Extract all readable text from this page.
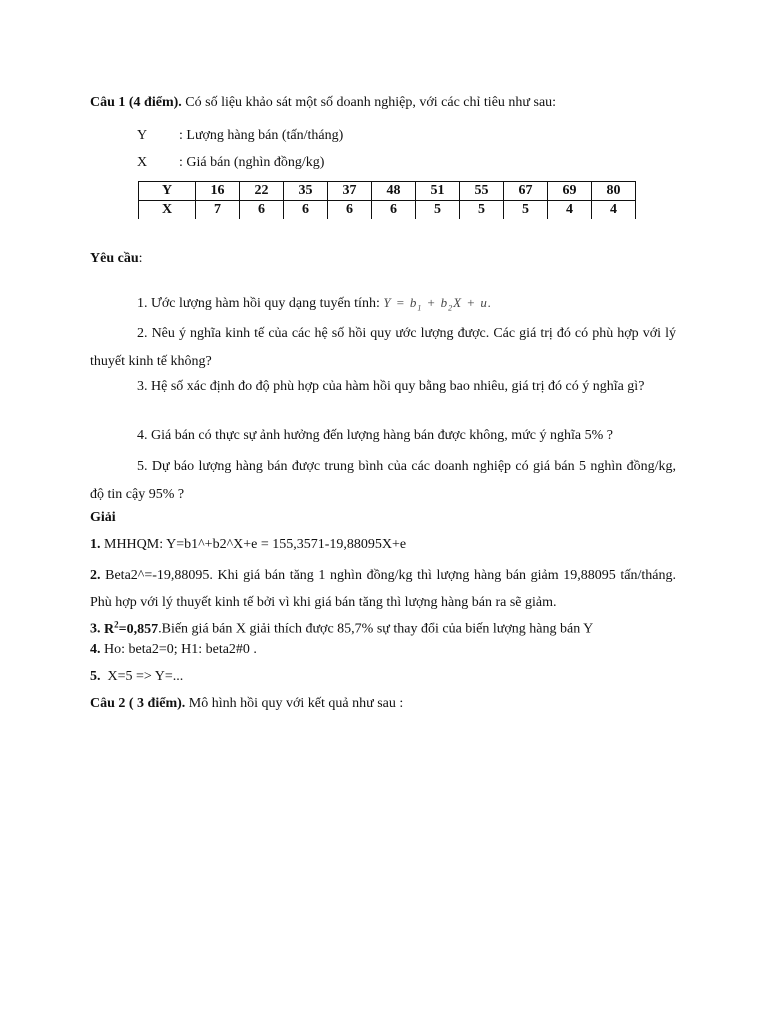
Câu 1 (4 điểm). Có số liệu khảo sát một số doanh nghiệp, với các chỉ tiêu như sau:
Y : Lượng hàng bán (tấn/tháng)
X : Giá bán (nghìn đồng/kg)
Y	16	22	35	37	48	51	55	67	69	80
X	7	6	6	6	6	5	5	5	4	4
Yêu cầu:
1. Ước lượng hàm hồi quy dạng tuyến tính: $Y = b_1 + b_2X + u$.
2. Nêu ý nghĩa kinh tế của các hệ số hồi quy ước lượng được. Các giá trị đó có phù hợp với lý thuyết kinh tế không?
3. Hệ số xác định đo độ phù hợp của hàm hồi quy bằng bao nhiêu, giá trị đó có ý nghĩa gì?
4. Giá bán có thực sự ảnh hưởng đến lượng hàng bán được không, mức ý nghĩa 5% ?
5. Dự báo lượng hàng bán được trung bình của các doanh nghiệp có giá bán 5 nghìn đồng/kg, độ tin cậy 95% ?
Giải
1. MHHQM: Y=b1^+b2^X+e = 155,3571-19,88095X+e
2. Beta2^=-19,88095. Khi giá bán tăng 1 nghìn đồng/kg thì lượng hàng bán giảm 19,88095 tấn/tháng. Phù hợp với lý thuyết kinh tế bởi vì khi giá bán tăng thì lượng hàng bán ra sẽ giảm.
3. $R^2=0,857.Biến$ giá bán X giải thích được 85,7% sự thay đổi của biến lượng hàng bán Y
4. Ho: beta2=0; H1: beta2#0 .
5.  X=5 => Y=...
Câu 2 ( 3 điểm). Mô hình hồi quy với kết quả như sau :
